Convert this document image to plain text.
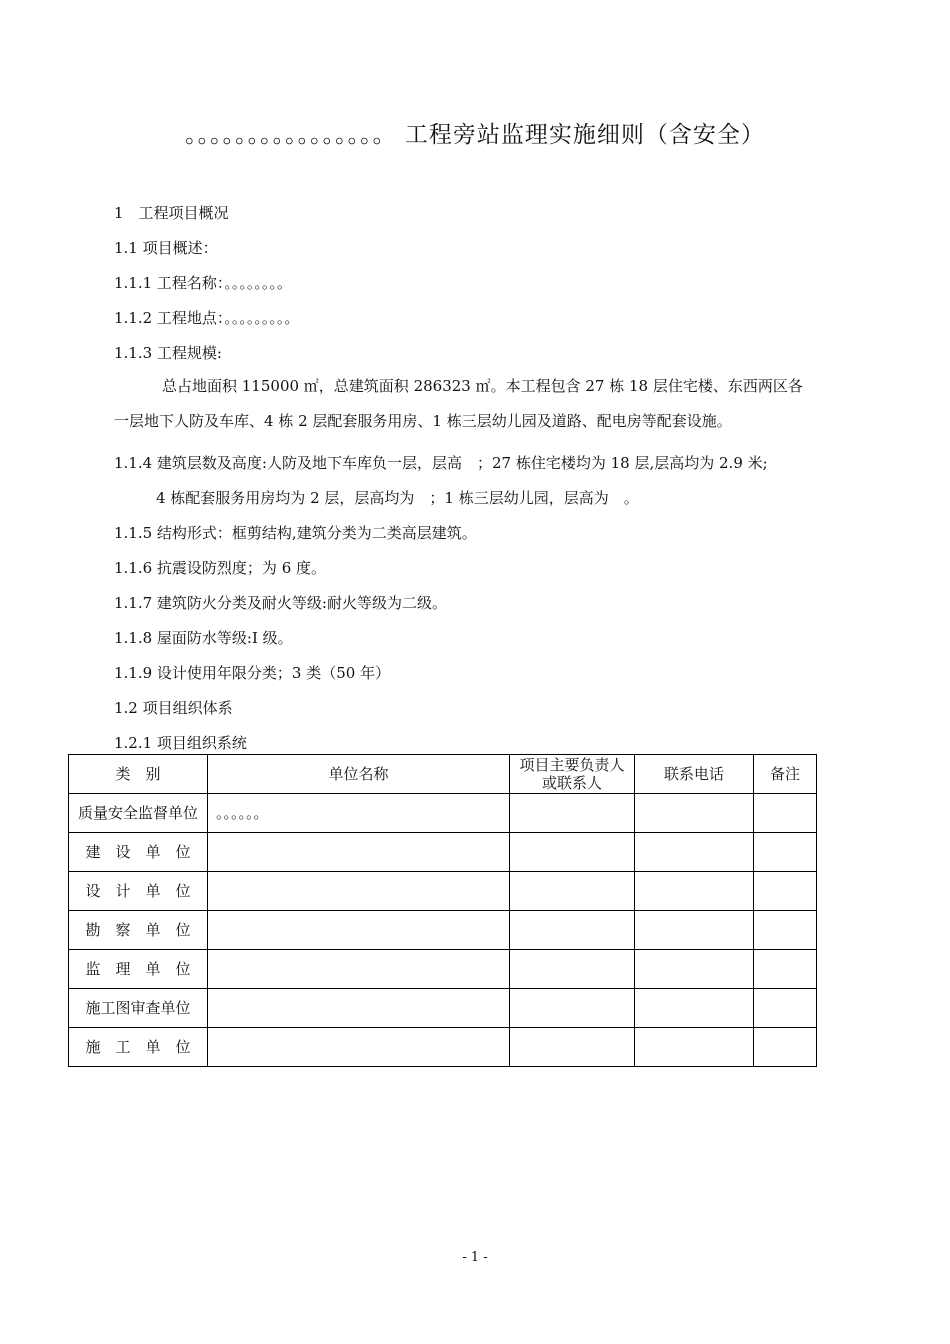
。。。。。。。。。。。。。。。。 工程旁站监理实施细则（含安全）
1　工程项目概况
1.1 项目概述：
1.1.1 工程名称：。。。。。。。。
1.1.2 工程地点：。。。。。。。。。
1.1.3 工程规模:
总占地面积 115000 ㎡，总建筑面积 286323 ㎡。本工程包含 27 栋 18 层住宅楼、东西两区各
一层地下人防及车库、4 栋 2 层配套服务用房、1 栋三层幼儿园及道路、配电房等配套设施。
1.1.4 建筑层数及高度:人防及地下车库负一层，层高　；27 栋住宅楼均为 18 层,层高均为 2.9 米;
4 栋配套服务用房均为 2 层，层高均为　；1 栋三层幼儿园，层高为　。
1.1.5 结构形式：框剪结构,建筑分类为二类高层建筑。
1.1.6 抗震设防烈度；为 6 度。
1.1.7 建筑防火分类及耐火等级:耐火等级为二级。
1.1.8 屋面防水等级:Ⅰ 级。
1.1.9 设计使用年限分类；3 类（50 年）
1.2 项目组织体系
1.2.1 项目组织系统
类　别	单位名称	项目主要负责人或联系人	联系电话	备注
质量安全监督单位	。。。。。。			
建　设　单　位				
设　计　单　位				
勘　察　单　位				
监　理　单　位				
施工图审查单位				
施　工　单　位				
- 1 -
